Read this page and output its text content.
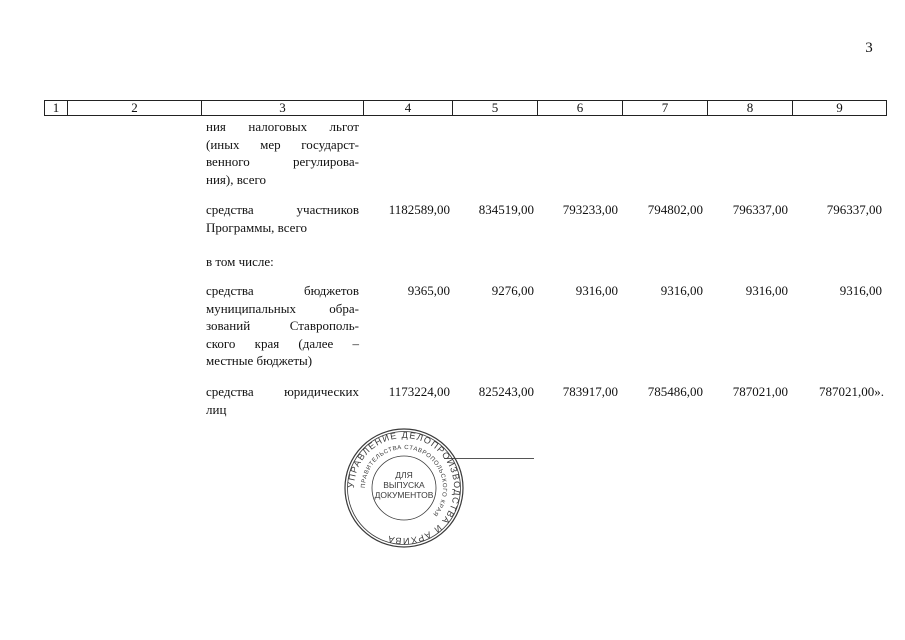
3
1	2	3	4	5	6	7	8	9
ния налоговых льгот
(иных мер государст-
венного регулирова-
ния), всего
средства участников
Программы, всего
1182589,00 834519,00 793233,00 794802,00 796337,00	796337,00
в том числе:
средства бюджетов
муниципальных обра-
зований Ставрополь-
ского края (далее –
местные бюджеты)
9365,00	9276,00	9316,00	9316,00	9316,00	9316,00
средства юридических
лиц
1173224,00 825243,00 783917,00 785486,00 787021,00 787021,00».
УПРАВЛЕНИЕ ДЕЛОПРОИЗВОДСТВА И АРХИВА
ПРАВИТЕЛЬСТВА СТАВРОПОЛЬСКОГО КРАЯ
ДЛЯ
ВЫПУСКА
ДОКУМЕНТОВ
